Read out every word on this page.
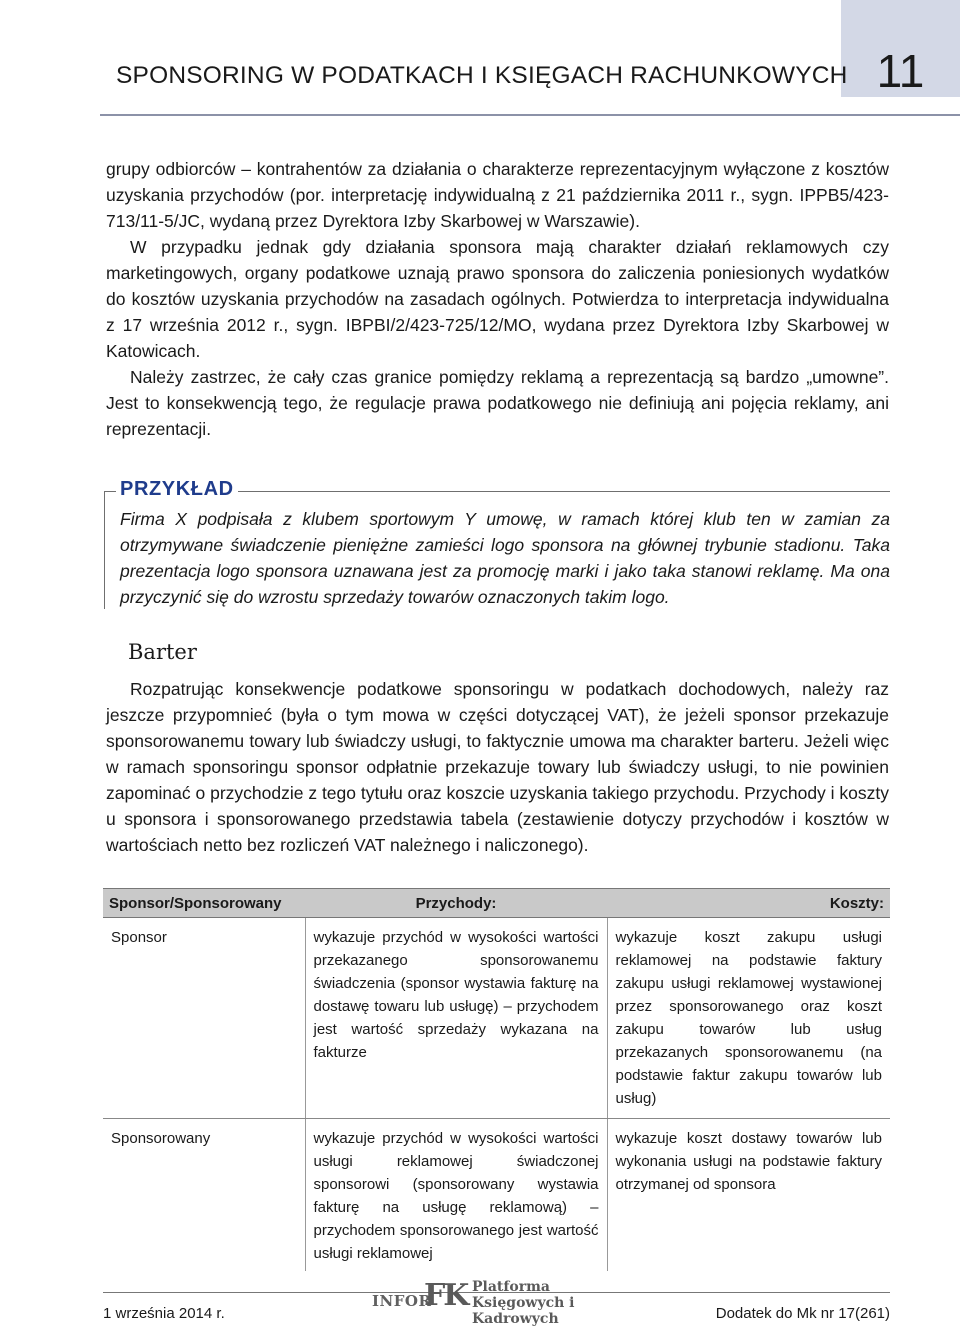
11
SPONSORING W PODATKACH I KSIĘGACH RACHUNKOWYCH

grupy odbiorców – kontrahentów za działania o charakterze reprezentacyjnym wyłączone z kosztów uzyskania przychodów (por. interpretację indywidualną z 21 października 2011 r., sygn. IPPB5/423-713/11-5/JC, wydaną przez Dyrektora Izby Skarbowej w Warszawie).

W przypadku jednak gdy działania sponsora mają charakter działań reklamowych czy marketingowych, organy podatkowe uznają prawo sponsora do zaliczenia poniesionych wydatków do kosztów uzyskania przychodów na zasadach ogólnych. Potwierdza to interpretacja indywidualna z 17 września 2012 r., sygn. IBPBI/2/423-725/12/MO, wydana przez Dyrektora Izby Skarbowej w Katowicach.

Należy zastrzec, że cały czas granice pomiędzy reklamą a reprezentacją są bardzo „umowne”. Jest to konsekwencją tego, że regulacje prawa podatkowego nie definiują ani pojęcia reklamy, ani reprezentacji.

PRZYKŁAD

Firma X podpisała z klubem sportowym Y umowę, w ramach której klub ten w zamian za otrzymywane świadczenie pieniężne zamieści logo sponsora na głównej trybunie stadionu. Taka prezentacja logo sponsora uznawana jest za promocję marki i jako taka stanowi reklamę. Ma ona przyczynić się do wzrostu sprzedaży towarów oznaczonych takim logo.

Barter

Rozpatrując konsekwencje podatkowe sponsoringu w podatkach dochodowych, należy raz jeszcze przypomnieć (była o tym mowa w części dotyczącej VAT), że jeżeli sponsor przekazuje sponsorowanemu towary lub świadczy usługi, to faktycznie umowa ma charakter barteru. Jeżeli więc w ramach sponsoringu sponsor odpłatnie przekazuje towary lub świadczy usługi, to nie powinien zapominać o przychodzie z tego tytułu oraz koszcie uzyskania takiego przychodu. Przychody i koszty u sponsora i sponsorowanego przedstawia tabela (zestawienie dotyczy przychodów i kosztów w wartościach netto bez rozliczeń VAT należnego i naliczonego).

Sponsor/Sponsorowany	Przychody:	Koszty:
Sponsor	wykazuje przychód w wysokości wartości przekazanego sponsorowanemu świadczenia (sponsor wystawia fakturę na dostawę towaru lub usługę) – przychodem jest wartość sprzedaży wykazana na fakturze	wykazuje koszt zakupu usługi reklamowej na podstawie faktury zakupu usługi reklamowej wystawionej przez sponsorowanego oraz koszt zakupu towarów lub usług przekazanych sponsorowanemu (na podstawie faktur zakupu towarów lub usług)
Sponsorowany	wykazuje przychód w wysokości wartości usługi reklamowej świadczonej sponsorowi (sponsorowany wystawia fakturę na usługę reklamową) – przychodem sponsorowanego jest wartość usługi reklamowej	wykazuje koszt dostawy towarów lub wykonania usługi na podstawie faktury otrzymanej od sponsora
INFOR
FK Platforma
Księgowych i Kadrowych
1 września 2014 r.	Dodatek do Mk nr 17(261)
